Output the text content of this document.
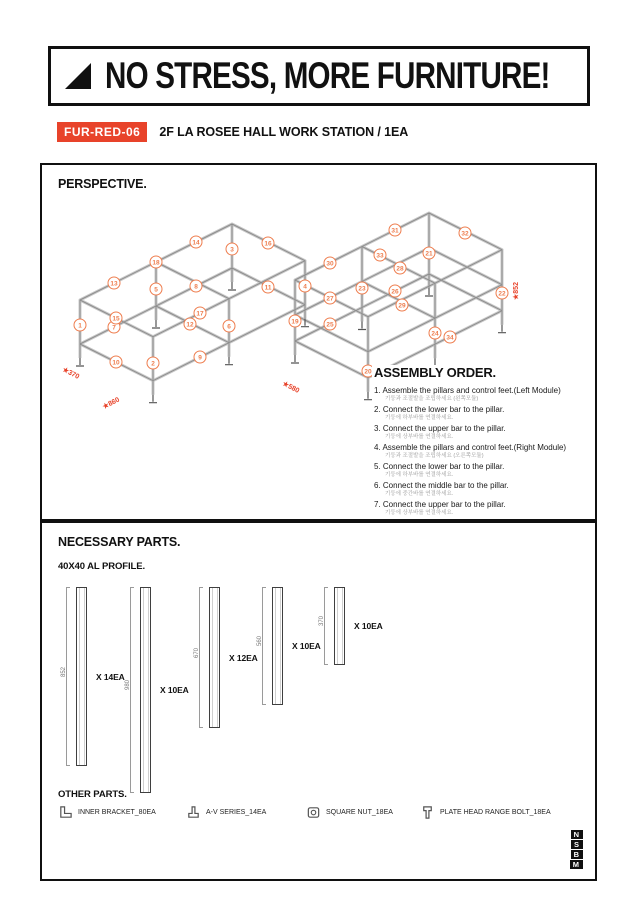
NO STRESS, MORE FURNITURE!
FUR-RED-06	2F LA ROSEE HALL WORK STATION / 1EA
PERSPECTIVE.
★860
★370
★580
★852
1
2
3
4
5
6
7
8
9
10
11
12
13
14
15
16
17
18
19
20
21
22
23
24
25
26
27
28
29
30
31	32
33
34
ASSEMBLY ORDER.
1. Assemble the pillars and control feet.(Left Module)
기둥과 조절발을 조립하세요 (왼쪽모듈)
2. Connect the lower bar to the pillar.
기둥에 하부바를 연결하세요.
3. Connect the upper bar to the pillar.
기둥에 상부바를 연결하세요.
4. Assemble the pillars and control feet.(Right Module)
기둥과 조절발을 조립하세요 (오른쪽모듈)
5. Connect the lower bar to the pillar.
기둥에 하부바를 연결하세요.
6. Connect the middle bar to the pillar.
기둥에 중간바를 연결하세요.
7. Connect the upper bar to the pillar.
기둥에 상부바를 연결하세요.
NECESSARY PARTS.
40X40 AL PROFILE.
852	X 14EA
980	X 10EA
670	X 12EA
560	X 10EA
370	X 10EA
OTHER PARTS.
INNER BRACKET_80EA	A-V SERIES_14EA	SQUARE NUT_18EA	PLATE HEAD RANGE BOLT_18EA
N
S
B
M
